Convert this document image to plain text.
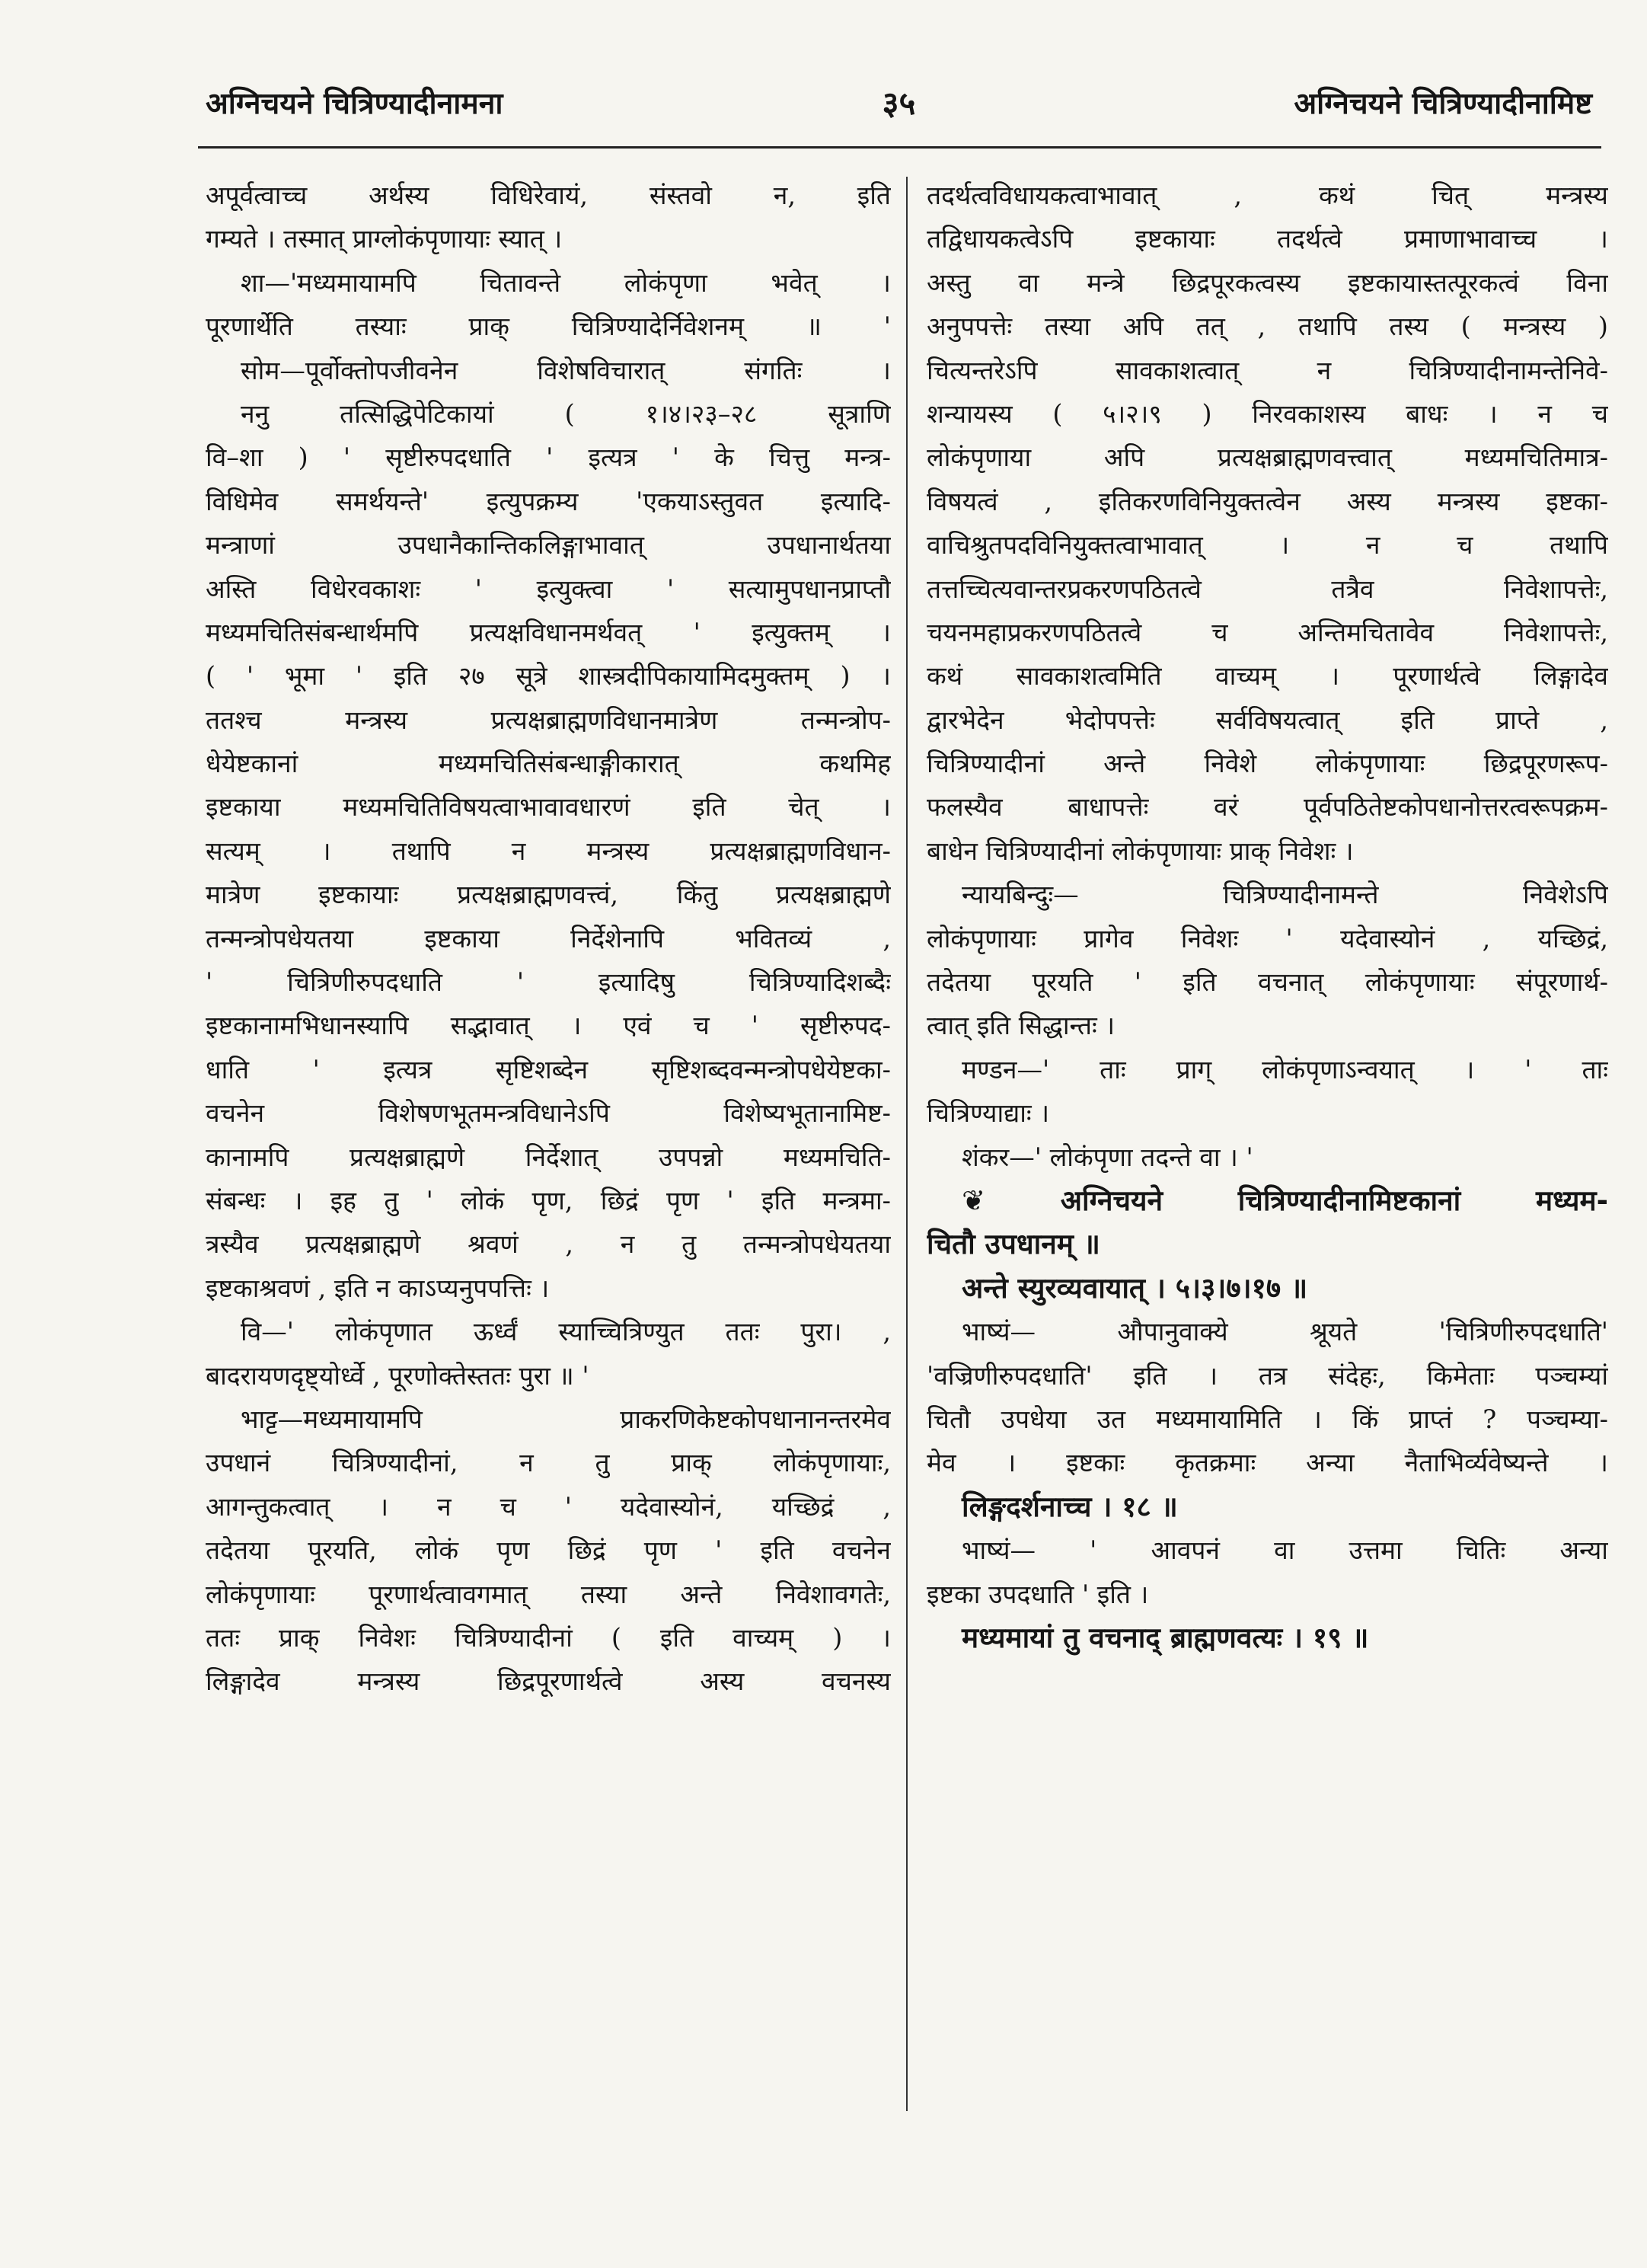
अग्निचयने चित्रिण्यादीनामना	३५	अग्निचयने चित्रिण्यादीनामिष्ट
अपूर्वत्वाच्च अर्थस्य विधिरेवायं, संस्तवो न, इति
गम्यते । तस्मात् प्राग्लोकंपृणायाः स्यात् ।
शा—'मध्यमायामपि चितावन्ते लोकंपृणा भवेत् ।
पूरणार्थेति तस्याः प्राक् चित्रिण्यादेर्निवेशनम् ॥ '
सोम—पूर्वोक्तोपजीवनेन विशेषविचारात् संगतिः ।
ननु तत्सिद्धिपेटिकायां ( १।४।२३–२८ सूत्राणि
वि–शा ) ' सृष्टीरुपदधाति ' इत्यत्र ' के चित्तु मन्त्र-
विधिमेव समर्थयन्ते' इत्युपक्रम्य 'एकयाऽस्तुवत इत्यादि-
मन्त्राणां उपधानैकान्तिकलिङ्गाभावात् उपधानार्थतया
अस्ति विधेरवकाशः ' इत्युक्त्वा ' सत्यामुपधानप्राप्तौ
मध्यमचितिसंबन्धार्थमपि प्रत्यक्षविधानमर्थवत् ' इत्युक्तम् ।
( ' भूमा ' इति २७ सूत्रे शास्त्रदीपिकायामिदमुक्तम् ) ।
ततश्च मन्त्रस्य प्रत्यक्षब्राह्मणविधानमात्रेण तन्मन्त्रोप-
धेयेष्टकानां मध्यमचितिसंबन्धाङ्गीकारात् कथमिह
इष्टकाया मध्यमचितिविषयत्वाभावावधारणं इति चेत् ।
सत्यम् । तथापि न मन्त्रस्य प्रत्यक्षब्राह्मणविधान-
मात्रेण इष्टकायाः प्रत्यक्षब्राह्मणवत्त्वं, किंतु प्रत्यक्षब्राह्मणे
तन्मन्त्रोपधेयतया इष्टकाया निर्देशेनापि भवितव्यं ,
' चित्रिणीरुपदधाति ' इत्यादिषु चित्रिण्यादिशब्दैः
इष्टकानामभिधानस्यापि सद्भावात् । एवं च ' सृष्टीरुपद-
धाति ' इत्यत्र सृष्टिशब्देन सृष्टिशब्दवन्मन्त्रोपधेयेष्टका-
वचनेन विशेषणभूतमन्त्रविधानेऽपि विशेष्यभूतानामिष्ट-
कानामपि प्रत्यक्षब्राह्मणे निर्देशात् उपपन्नो मध्यमचिति-
संबन्धः । इह तु ' लोकं पृण, छिद्रं पृण ' इति मन्त्रमा-
त्रस्यैव प्रत्यक्षब्राह्मणे श्रवणं , न तु तन्मन्त्रोपधेयतया
इष्टकाश्रवणं , इति न काऽप्यनुपपत्तिः ।
वि—' लोकंपृणात ऊर्ध्वं स्याच्चित्रिण्युत ततः पुरा। ,
बादरायणदृष्ट्योर्ध्वे , पूरणोक्तेस्ततः पुरा ॥ '
भाट्ट—मध्यमायामपि प्राकरणिकेष्टकोपधानानन्तरमेव
उपधानं चित्रिण्यादीनां, न तु प्राक् लोकंपृणायाः,
आगन्तुकत्वात् । न च ' यदेवास्योनं, यच्छिद्रं ,
तदेतया पूरयति, लोकं पृण छिद्रं पृण ' इति वचनेन
लोकंपृणायाः पूरणार्थत्वावगमात् तस्या अन्ते निवेशावगतेः,
ततः प्राक् निवेशः चित्रिण्यादीनां ( इति वाच्यम् ) ।
लिङ्गादेव मन्त्रस्य छिद्रपूरणार्थत्वे अस्य वचनस्य
तदर्थत्वविधायकत्वाभावात् , कथं चित् मन्त्रस्य
तद्विधायकत्वेऽपि इष्टकायाः तदर्थत्वे प्रमाणाभावाच्च ।
अस्तु वा मन्त्रे छिद्रपूरकत्वस्य इष्टकायास्तत्पूरकत्वं विना
अनुपपत्तेः तस्या अपि तत् , तथापि तस्य ( मन्त्रस्य )
चित्यन्तरेऽपि सावकाशत्वात् न चित्रिण्यादीनामन्तेनिवे-
शन्यायस्य ( ५।२।९ ) निरवकाशस्य बाधः । न च
लोकंपृणाया अपि प्रत्यक्षब्राह्मणवत्त्वात् मध्यमचितिमात्र-
विषयत्वं , इतिकरणविनियुक्तत्वेन अस्य मन्त्रस्य इष्टका-
वाचिश्रुतपदविनियुक्तत्वाभावात् । न च तथापि
तत्तच्चित्यवान्तरप्रकरणपठितत्वे तत्रैव निवेशापत्तेः,
चयनमहाप्रकरणपठितत्वे च अन्तिमचितावेव निवेशापत्तेः,
कथं सावकाशत्वमिति वाच्यम् । पूरणार्थत्वे लिङ्गादेव
द्वारभेदेन भेदोपपत्तेः सर्वविषयत्वात् इति प्राप्ते ,
चित्रिण्यादीनां अन्ते निवेशे लोकंपृणायाः छिद्रपूरणरूप-
फलस्यैव बाधापत्तेः वरं पूर्वपठितेष्टकोपधानोत्तरत्वरूपक्रम-
बाधेन चित्रिण्यादीनां लोकंपृणायाः प्राक् निवेशः ।
न्यायबिन्दुः— चित्रिण्यादीनामन्ते निवेशेऽपि
लोकंपृणायाः प्रागेव निवेशः ' यदेवास्योनं , यच्छिद्रं,
तदेतया पूरयति ' इति वचनात् लोकंपृणायाः संपूरणार्थ-
त्वात् इति सिद्धान्तः ।
मण्डन—' ताः प्राग् लोकंपृणाऽन्वयात् । ' ताः
चित्रिण्याद्याः ।
शंकर—' लोकंपृणा तदन्ते वा । '
❦ अग्निचयने चित्रिण्यादीनामिष्टकानां मध्यम-
चितौ उपधानम् ॥
अन्ते स्युरव्यवायात् । ५।३।७।१७ ॥
भाष्यं— औपानुवाक्ये श्रूयते 'चित्रिणीरुपदधाति'
'वज्रिणीरुपदधाति' इति । तत्र संदेहः, किमेताः पञ्चम्यां
चितौ उपधेया उत मध्यमायामिति । किं प्राप्तं ? पञ्चम्या-
मेव । इष्टकाः कृतक्रमाः अन्या नैताभिर्व्यवेष्यन्ते ।
लिङ्गदर्शनाच्च । १८ ॥
भाष्यं— ' आवपनं वा उत्तमा चितिः अन्या
इष्टका उपदधाति ' इति ।
मध्यमायां तु वचनाद् ब्राह्मणवत्यः । १९ ॥
